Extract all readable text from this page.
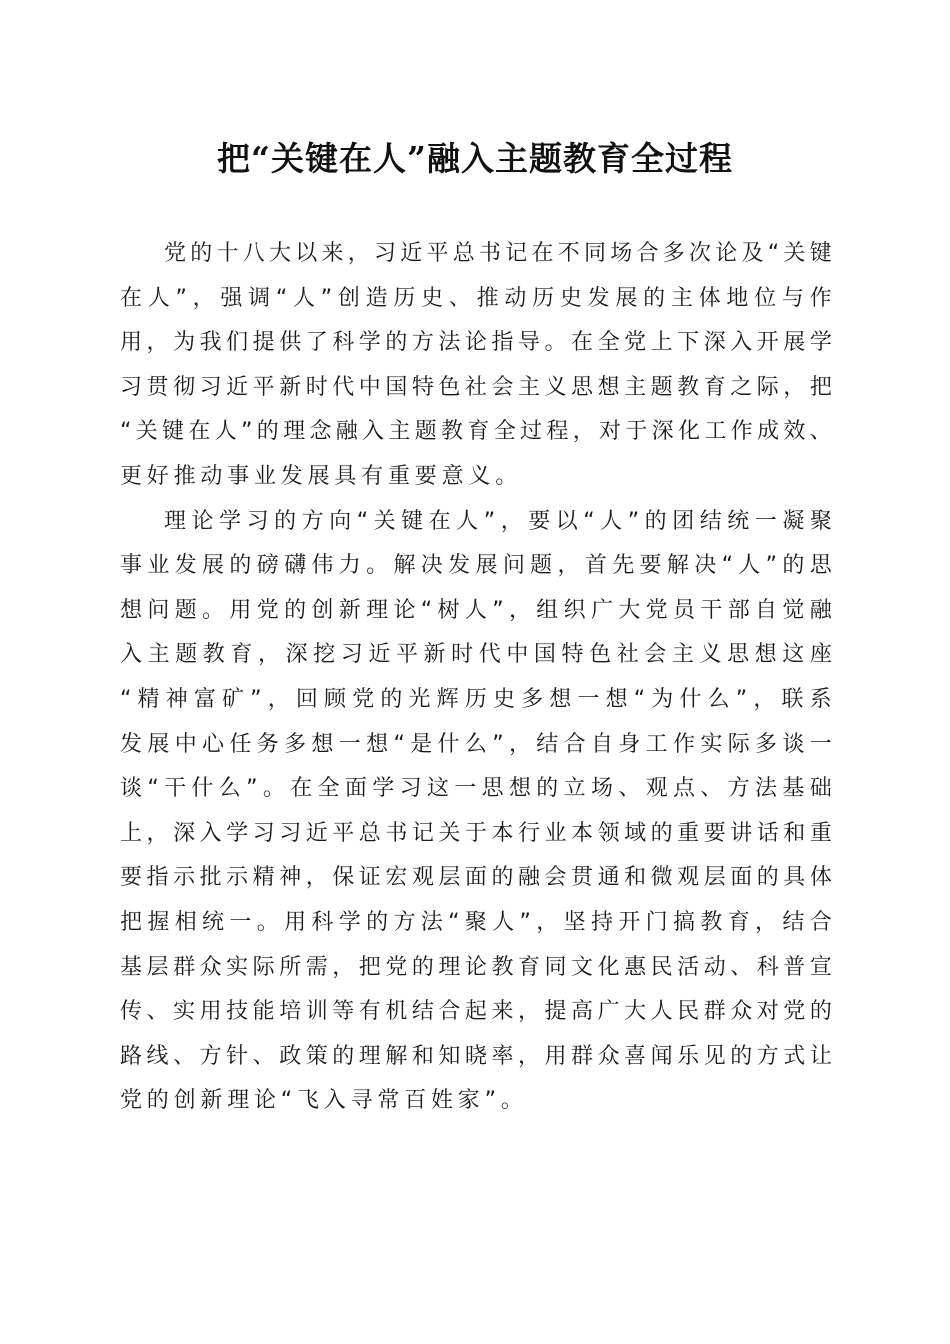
把“关键在人”融入主题教育全过程
党 的 十 八 大 以 来 ， 习 近 平 总 书 记 在 不 同 场 合 多 次 论 及 “ 关 键
在 人 ” ， 强 调 “ 人 ” 创 造 历 史 、 推 动 历 史 发 展 的 主 体 地 位 与 作
用 ， 为 我 们 提 供 了 科 学 的 方 法 论 指 导 。 在 全 党 上 下 深 入 开 展 学
习 贯 彻 习 近 平 新 时 代 中 国 特 色 社 会 主 义 思 想 主 题 教 育 之 际 ， 把
“ 关 键 在 人 ” 的 理 念 融 入 主 题 教 育 全 过 程 ， 对 于 深 化 工 作 成 效 、
更好推动事业发展具有重要意义。
理 论 学 习 的 方 向 “ 关 键 在 人 ” ， 要 以 “ 人 ” 的 团 结 统 一 凝 聚
事 业 发 展 的 磅 礴 伟 力 。 解 决 发 展 问 题 ， 首 先 要 解 决 “ 人 ” 的 思
想 问 题 。 用 党 的 创 新 理 论 “ 树 人 ” ， 组 织 广 大 党 员 干 部 自 觉 融
入 主 题 教 育 ， 深 挖 习 近 平 新 时 代 中 国 特 色 社 会 主 义 思 想 这 座
“ 精 神 富 矿 ” ， 回 顾 党 的 光 辉 历 史 多 想 一 想 “ 为 什 么 ” ， 联 系
发 展 中 心 任 务 多 想 一 想 “ 是 什 么 ” ， 结 合 自 身 工 作 实 际 多 谈 一
谈 “ 干 什 么 ” 。 在 全 面 学 习 这 一 思 想 的 立 场 、 观 点 、 方 法 基 础
上 ， 深 入 学 习 习 近 平 总 书 记 关 于 本 行 业 本 领 域 的 重 要 讲 话 和 重
要 指 示 批 示 精 神 ， 保 证 宏 观 层 面 的 融 会 贯 通 和 微 观 层 面 的 具 体
把 握 相 统 一 。 用 科 学 的 方 法 “ 聚 人 ” ， 坚 持 开 门 搞 教 育 ， 结 合
基 层 群 众 实 际 所 需 ， 把 党 的 理 论 教 育 同 文 化 惠 民 活 动 、 科 普 宣
传 、 实 用 技 能 培 训 等 有 机 结 合 起 来 ， 提 高 广 大 人 民 群 众 对 党 的
路 线 、 方 针 、 政 策 的 理 解 和 知 晓 率 ， 用 群 众 喜 闻 乐 见 的 方 式 让
党的创新理论“飞入寻常百姓家”。
